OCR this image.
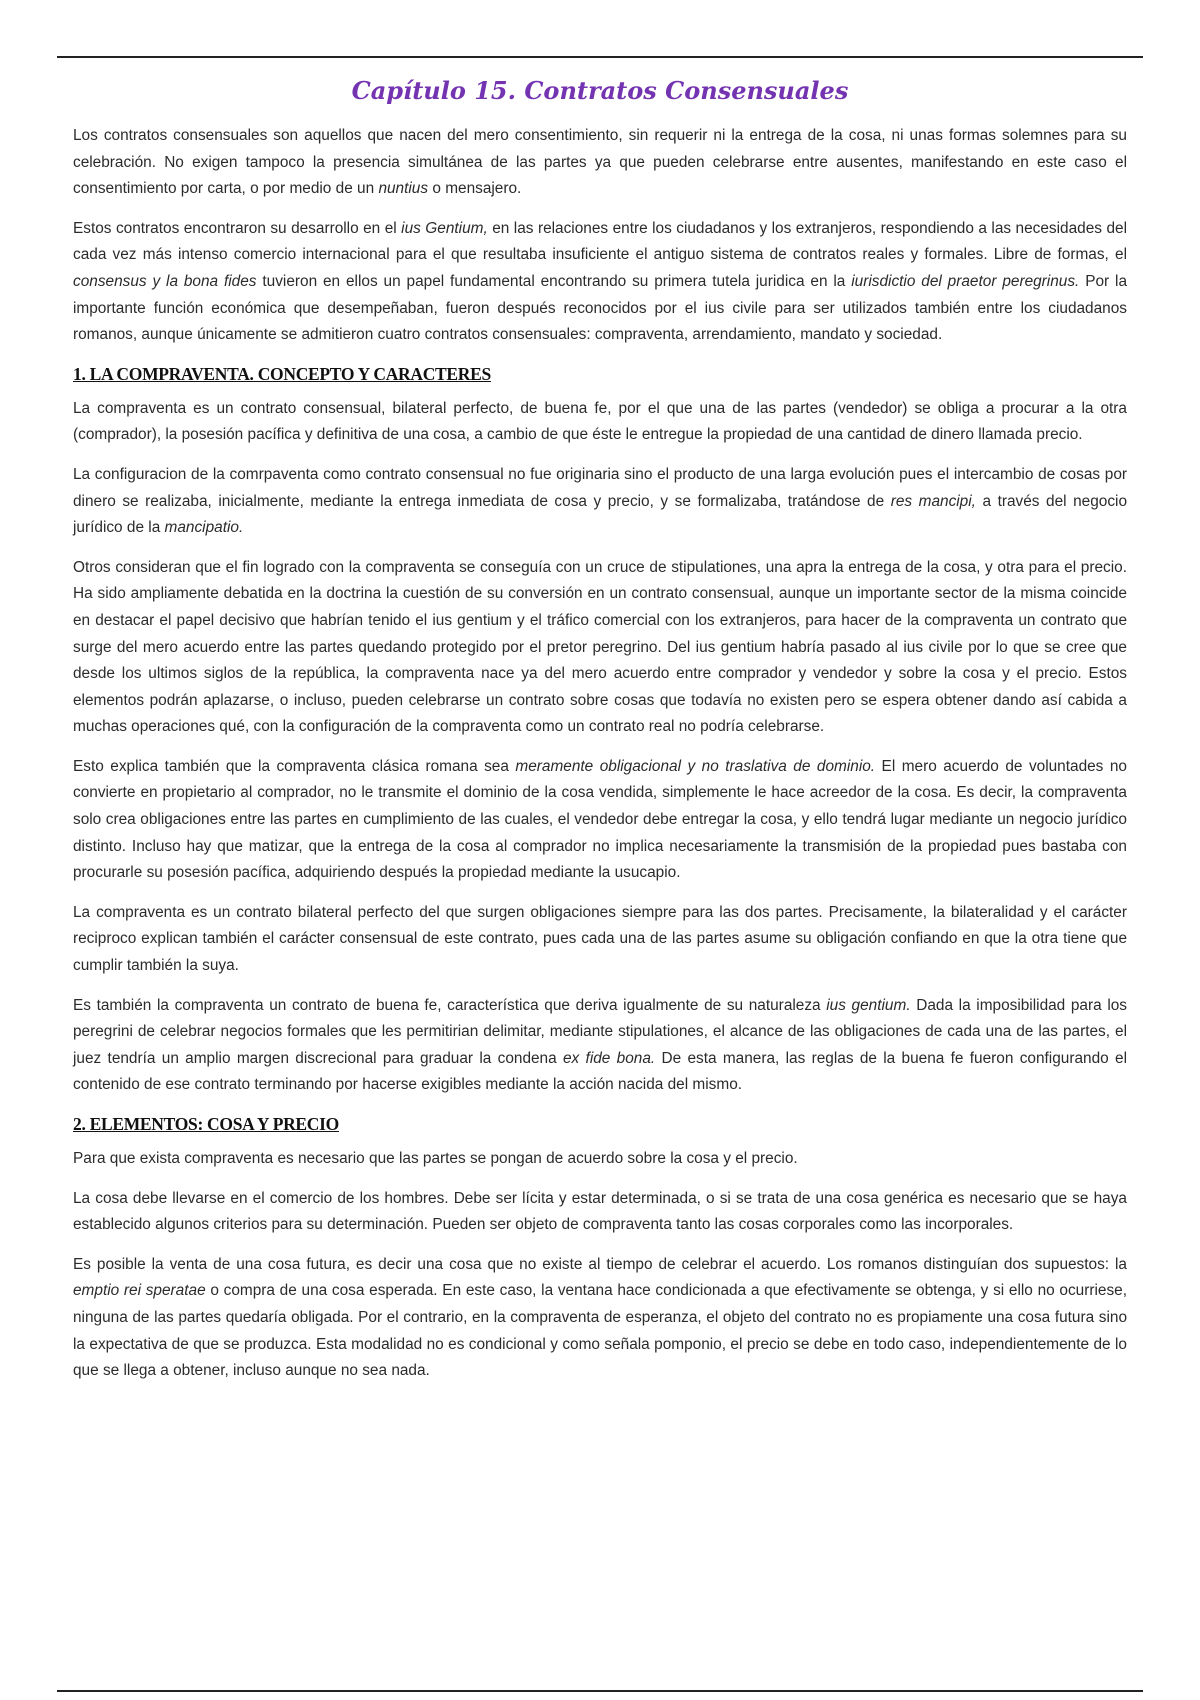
Capítulo 15. Contratos Consensuales

Los contratos consensuales son aquellos que nacen del mero consentimiento, sin requerir ni la entrega de la cosa, ni unas formas solemnes para su celebración. No exigen tampoco la presencia simultánea de las partes ya que pueden celebrarse entre ausentes, manifestando en este caso el consentimiento por carta, o por medio de un nuntius o mensajero.

Estos contratos encontraron su desarrollo en el ius Gentium, en las relaciones entre los ciudadanos y los extranjeros, respondiendo a las necesidades del cada vez más intenso comercio internacional para el que resultaba insuficiente el antiguo sistema de contratos reales y formales. Libre de formas, el consensus y la bona fides tuvieron en ellos un papel fundamental encontrando su primera tutela juridica en la iurisdictio del praetor peregrinus. Por la importante función económica que desempeñaban, fueron después reconocidos por el ius civile para ser utilizados también entre los ciudadanos romanos, aunque únicamente se admitieron cuatro contratos consensuales: compraventa, arrendamiento, mandato y sociedad.

1. LA COMPRAVENTA. CONCEPTO Y CARACTERES

La compraventa es un contrato consensual, bilateral perfecto, de buena fe, por el que una de las partes (vendedor) se obliga a procurar a la otra (comprador), la posesión pacífica y definitiva de una cosa, a cambio de que éste le entregue la propiedad de una cantidad de dinero llamada precio.

La configuracion de la comrpaventa como contrato consensual no fue originaria sino el producto de una larga evolución pues el intercambio de cosas por dinero se realizaba, inicialmente, mediante la entrega inmediata de cosa y precio, y se formalizaba, tratándose de res mancipi, a través del negocio jurídico de la mancipatio.

Otros consideran que el fin logrado con la compraventa se conseguía con un cruce de stipulationes, una apra la entrega de la cosa, y otra para el precio. Ha sido ampliamente debatida en la doctrina la cuestión de su conversión en un contrato consensual, aunque un importante sector de la misma coincide en destacar el papel decisivo que habrían tenido el ius gentium y el tráfico comercial con los extranjeros, para hacer de la compraventa un contrato que surge del mero acuerdo entre las partes quedando protegido por el pretor peregrino. Del ius gentium habría pasado al ius civile por lo que se cree que desde los ultimos siglos de la república, la compraventa nace ya del mero acuerdo entre comprador y vendedor y sobre la cosa y el precio. Estos elementos podrán aplazarse, o incluso, pueden celebrarse un contrato sobre cosas que todavía no existen pero se espera obtener dando así cabida a muchas operaciones qué, con la configuración de la compraventa como un contrato real no podría celebrarse.

Esto explica también que la compraventa clásica romana sea meramente obligacional y no traslativa de dominio. El mero acuerdo de voluntades no convierte en propietario al comprador, no le transmite el dominio de la cosa vendida, simplemente le hace acreedor de la cosa. Es decir, la compraventa solo crea obligaciones entre las partes en cumplimiento de las cuales, el vendedor debe entregar la cosa, y ello tendrá lugar mediante un negocio jurídico distinto. Incluso hay que matizar, que la entrega de la cosa al comprador no implica necesariamente la transmisión de la propiedad pues bastaba con procurarle su posesión pacífica, adquiriendo después la propiedad mediante la usucapio.

La compraventa es un contrato bilateral perfecto del que surgen obligaciones siempre para las dos partes. Precisamente, la bilateralidad y el carácter reciproco explican también el carácter consensual de este contrato, pues cada una de las partes asume su obligación confiando en que la otra tiene que cumplir también la suya.

Es también la compraventa un contrato de buena fe, característica que deriva igualmente de su naturaleza ius gentium. Dada la imposibilidad para los peregrini de celebrar negocios formales que les permitirian delimitar, mediante stipulationes, el alcance de las obligaciones de cada una de las partes, el juez tendría un amplio margen discrecional para graduar la condena ex fide bona. De esta manera, las reglas de la buena fe fueron configurando el contenido de ese contrato terminando por hacerse exigibles mediante la acción nacida del mismo.

2. ELEMENTOS: COSA Y PRECIO

Para que exista compraventa es necesario que las partes se pongan de acuerdo sobre la cosa y el precio.

La cosa debe llevarse en el comercio de los hombres. Debe ser lícita y estar determinada, o si se trata de una cosa genérica es necesario que se haya establecido algunos criterios para su determinación. Pueden ser objeto de compraventa tanto las cosas corporales como las incorporales.

Es posible la venta de una cosa futura, es decir una cosa que no existe al tiempo de celebrar el acuerdo. Los romanos distinguían dos supuestos: la emptio rei speratae o compra de una cosa esperada. En este caso, la ventana hace condicionada a que efectivamente se obtenga, y si ello no ocurriese, ninguna de las partes quedaría obligada. Por el contrario, en la compraventa de esperanza, el objeto del contrato no es propiamente una cosa futura sino la expectativa de que se produzca. Esta modalidad no es condicional y como señala pomponio, el precio se debe en todo caso, independientemente de lo que se llega a obtener, incluso aunque no sea nada.
